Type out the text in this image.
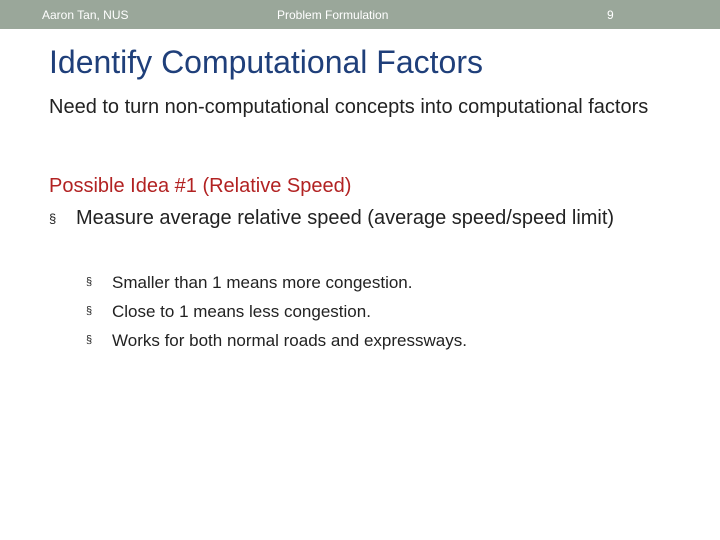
Aaron Tan, NUS	Problem Formulation	9
Identify Computational Factors
Need to turn non-computational concepts into computational factors
Possible Idea #1 (Relative Speed)
§ Measure average relative speed (average speed/speed limit)
§ Smaller than 1 means more congestion.
§ Close to 1 means less congestion.
§ Works for both normal roads and expressways.
